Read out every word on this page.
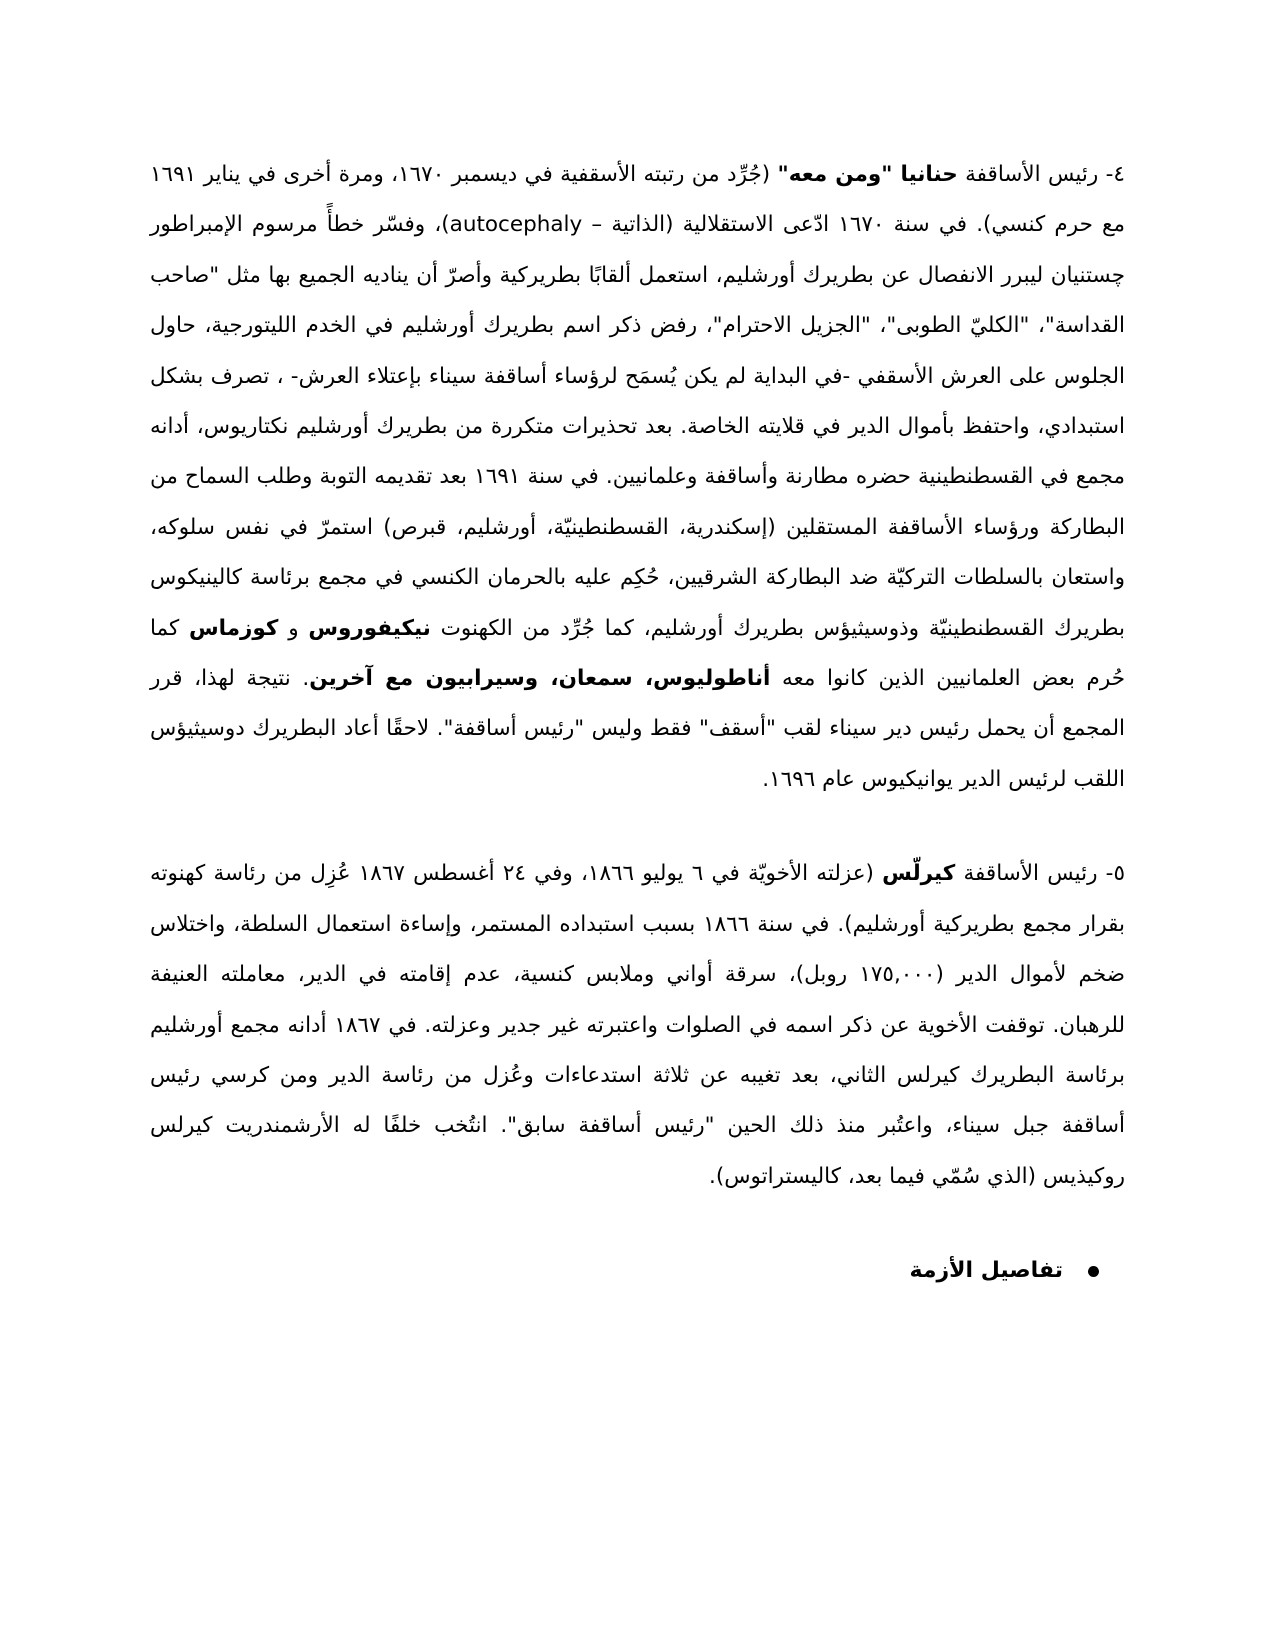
٤- رئيس الأساقفة حنانيا "ومن معه" (جُرِّد من رتبته الأسقفية في ديسمبر ١٦٧٠، ومرة أخرى في يناير ١٦٩١ مع حرم كنسي). في سنة ١٦٧٠ ادّعى الاستقلالية (الذاتية – autocephaly)، وفسّر خطأً مرسوم الإمبراطور چستنيان ليبرر الانفصال عن بطريرك أورشليم، استعمل ألقابًا بطريركية وأصرّ أن يناديه الجميع بها مثل "صاحب القداسة"، "الكليّ الطوبى"، "الجزيل الاحترام"، رفض ذكر اسم بطريرك أورشليم في الخدم الليتورجية، حاول الجلوس على العرش الأسقفي -في البداية لم يكن يُسمَح لرؤساء أساقفة سيناء بإعتلاء العرش- ، تصرف بشكل استبدادي، واحتفظ بأموال الدير في قلايته الخاصة. بعد تحذيرات متكررة من بطريرك أورشليم نكتاريوس، أدانه مجمع في القسطنطينية حضره مطارنة وأساقفة وعلمانيين. في سنة ١٦٩١ بعد تقديمه التوبة وطلب السماح من البطاركة ورؤساء الأساقفة المستقلين (إسكندرية، القسطنطينيّة، أورشليم، قبرص) استمرّ في نفس سلوكه، واستعان بالسلطات التركيّة ضد البطاركة الشرقيين، حُكِم عليه بالحرمان الكنسي في مجمع برئاسة كالينيكوس بطريرك القسطنطينيّة وذوسيثيؤس بطريرك أورشليم، كما جُرِّد من الكهنوت نيكيفوروس و كوزماس كما حُرم بعض العلمانيين الذين كانوا معه أناطوليوس، سمعان، وسيرابيون مع آخرين. نتيجة لهذا، قرر المجمع أن يحمل رئيس دير سيناء لقب "أسقف" فقط وليس "رئيس أساقفة". لاحقًا أعاد البطريرك دوسيثيؤس اللقب لرئيس الدير يوانيكيوس عام ١٦٩٦.

٥- رئيس الأساقفة كيرلّس (عزلته الأخويّة في ٦ يوليو ١٨٦٦، وفي ٢٤ أغسطس ١٨٦٧ عُزِل من رئاسة كهنوته بقرار مجمع بطريركية أورشليم). في سنة ١٨٦٦ بسبب استبداده المستمر، وإساءة استعمال السلطة، واختلاس ضخم لأموال الدير (١٧٥,٠٠٠ روبل)، سرقة أواني وملابس كنسية، عدم إقامته في الدير، معاملته العنيفة للرهبان. توقفت الأخوية عن ذكر اسمه في الصلوات واعتبرته غير جدير وعزلته. في ١٨٦٧ أدانه مجمع أورشليم برئاسة البطريرك كيرلس الثاني، بعد تغيبه عن ثلاثة استدعاءات وعُزل من رئاسة الدير ومن كرسي رئيس أساقفة جبل سيناء، واعتُبر منذ ذلك الحين "رئيس أساقفة سابق". انتُخب خلفًا له الأرشمندريت كيرلس روكيذيس (الذي سُمّي فيما بعد، كاليستراتوس).

تفاصيل الأزمة
